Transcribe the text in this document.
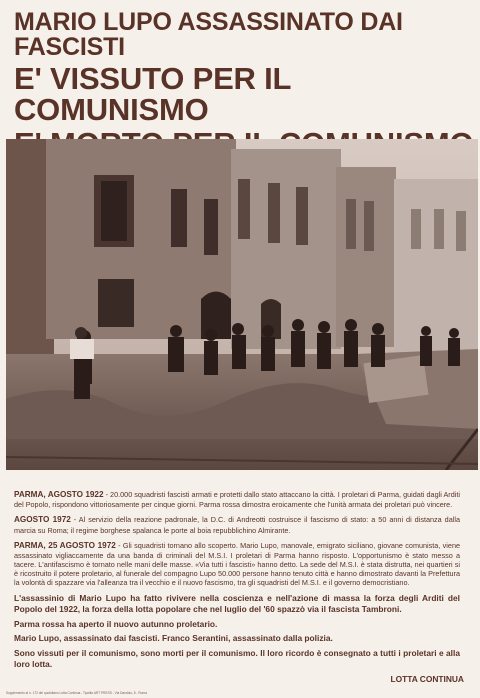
MARIO LUPO ASSASSINATO DAI FASCISTI
E' VISSUTO PER IL COMUNISMO

PARMA, AGOSTO 1922 - 20.000 squadristi fascisti armati e protetti dallo stato attaccano la città. I proletari di Parma, guidati dagli Arditi del Popolo, rispondono vittoriosamente per cinque giorni. Parma rossa dimostra eroicamente che l'unità armata dei proletari può vincere.

AGOSTO 1972 - Al servizio della reazione padronale, la D.C. di Andreotti costruisce il fascismo di stato: a 50 anni di distanza dalla marcia su Roma; il regime borghese spalanca le porte al boia repubblichino Almirante.

PARMA, 25 AGOSTO 1972 - Gli squadristi tornano allo scoperto. Mario Lupo, manovale, emigrato siciliano, giovane comunista, viene assassinato vigliaccamente da una banda di criminali del M.S.I. I proletari di Parma hanno risposto. L'opportunismo è stato messo a tacere. L'antifascismo è tornato nelle mani delle masse. «Via tutti i fascisti» hanno detto. La sede del M.S.I. è stata distrutta, nei quartieri si è ricostruito il potere proletario, al funerale del compagno Lupo 50.000 persone hanno tenuto città e hanno dimostrato davanti la Prefettura la volontà di spazzare via l'alleanza tra il vecchio e il nuovo fascismo, tra gli squadristi del M.S.I. e il governo democristiano.

L'assassinio di Mario Lupo ha fatto rivivere nella coscienza e nell'azione di massa la forza degli Arditi del Popolo del 1922, la forza della lotta popolare che nel luglio del '60 spazzò via il fascista Tambroni.

Parma rossa ha aperto il nuovo autunno proletario.

Mario Lupo, assassinato dai fascisti. Franco Serantini, assassinato dalla polizia.

Sono vissuti per il comunismo, sono morti per il comunismo. Il loro ricordo è consegnato a tutti i proletari e alla loro lotta.

LOTTA CONTINUA
Supplemento al n. 172 del quotidiano Lotta Continua - Tipolito ART PRESS - Via Dandolo, 8 - Roma
